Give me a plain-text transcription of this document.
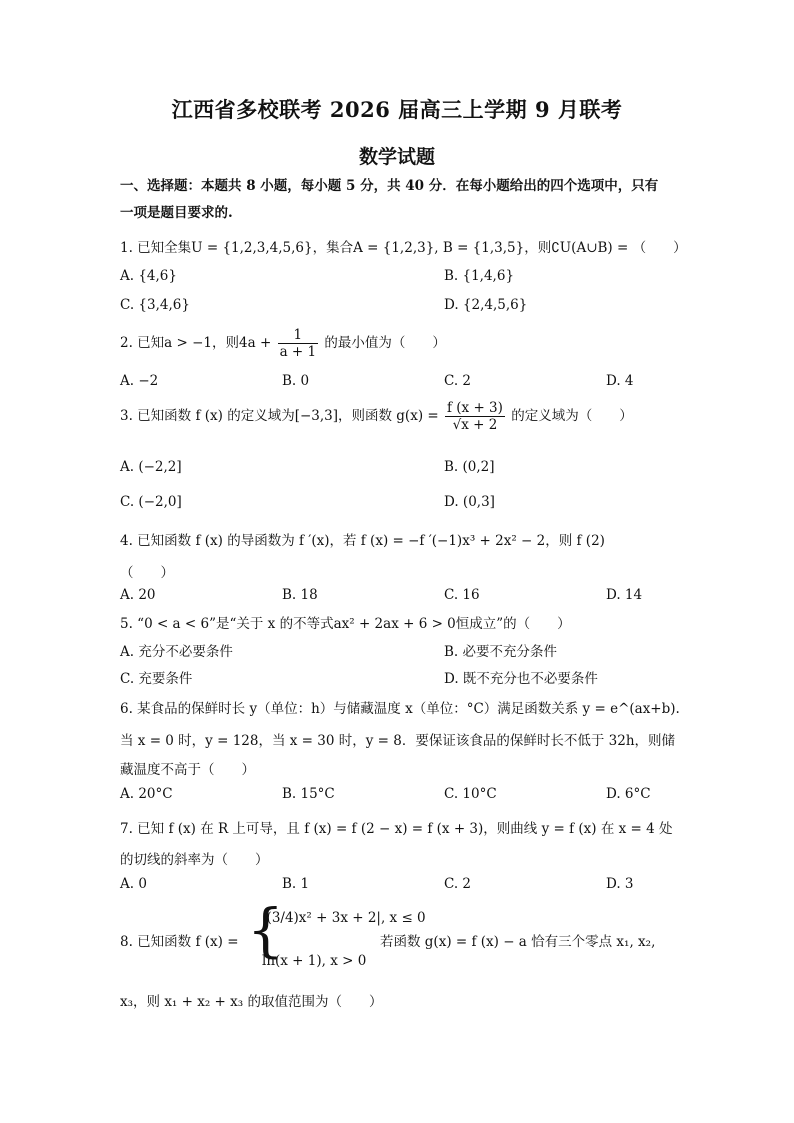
江西省多校联考 2026 届高三上学期 9 月联考
数学试题
一、选择题：本题共 8 小题，每小题 5 分，共 40 分．在每小题给出的四个选项中，只有
一项是题目要求的.
1. 已知全集U = {1,2,3,4,5,6}，集合A = {1,2,3}, B = {1,3,5}，则∁U(A∪B) = （　　）
A. {4,6}	B. {1,4,6}
C. {3,4,6}	D. {2,4,5,6}
2. 已知a > −1，则$4a + \frac{1}{a + 1}$ 的最小值为（　　）
A. −2	B. 0	C. 2	D. 4
3. 已知函数 f (x) 的定义域为[−3,3]，则函数 $g(x) = \frac{f (x + 3)}{√x + 2}$ 的定义域为（　　）
A. (−2,2]	B. (0,2]
C. (−2,0]	D. (0,3]
4. 已知函数 f (x) 的导函数为 f ′(x)，若 f (x) = −f ′(−1)x³ + 2x² − 2，则 f (2)
（　　）
A. 20	B. 18	C. 16	D. 14
5. “0 < a < 6”是“关于 x 的不等式ax² + 2ax + 6 > 0恒成立”的（　　）
A. 充分不必要条件	B. 必要不充分条件
C. 充要条件	D. 既不充分也不必要条件
6. 某食品的保鲜时长 y（单位：h）与储藏温度 x（单位：°C）满足函数关系 y = e^(ax+b).
当 x = 0 时，y = 128，当 x = 30 时，y = 8．要保证该食品的保鲜时长不低于 32h，则储
藏温度不高于（　　）
A. 20°C	B. 15°C	C. 10°C	D. 6°C
7. 已知 f (x) 在 R 上可导，且 f (x) = f (2 − x) = f (x + 3)，则曲线 y = f (x) 在 x = 4 处
的切线的斜率为（　　）
A. 0	B. 1	C. 2	D. 3
8. 已知函数 f (x) = {
|(3/4)x² + 3x + 2|, x ≤ 0
ln(x + 1), x > 0
若函数 g(x) = f (x) − a 恰有三个零点 x₁, x₂,
x₃，则 x₁ + x₂ + x₃ 的取值范围为（　　）
